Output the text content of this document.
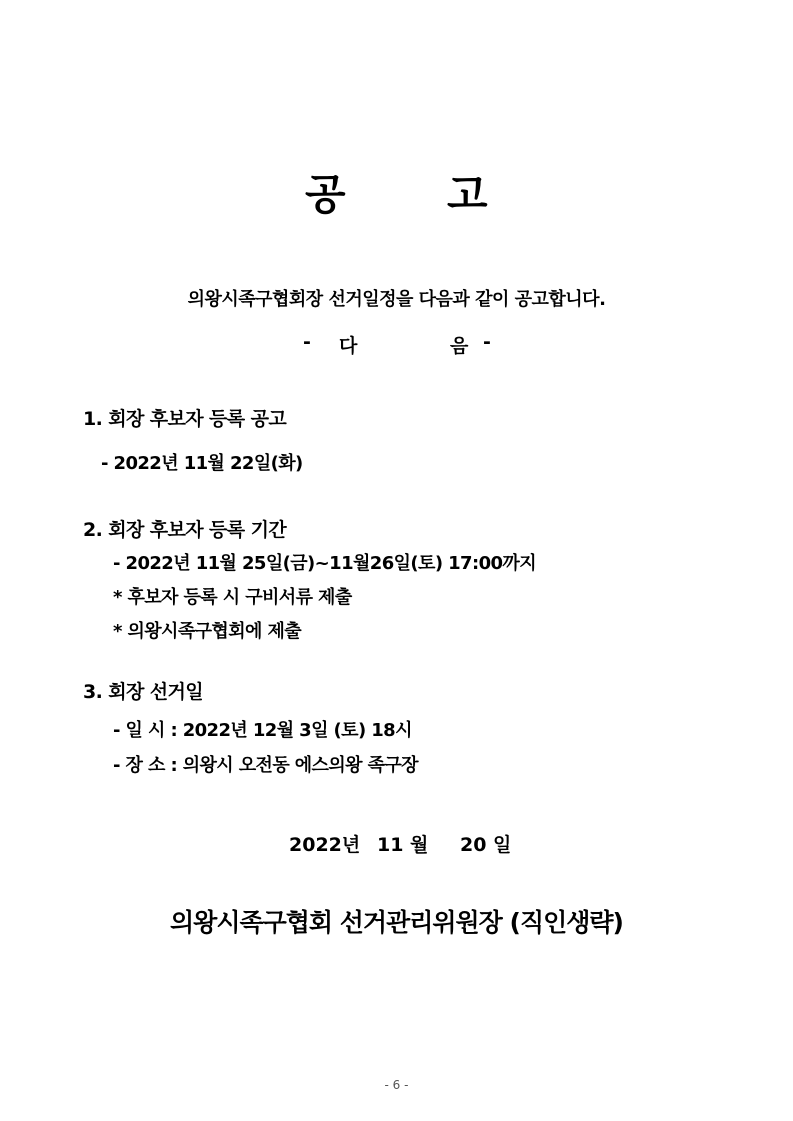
공 고
의왕시족구협회장 선거일정을 다음과 같이 공고합니다.
- 다	음 -
1. 회장 후보자 등록 공고
- 2022년 11월 22일(화)
2. 회장 후보자 등록 기간
- 2022년 11월 25일(금)~11월26일(토) 17:00까지
* 후보자 등록 시 구비서류 제출
* 의왕시족구협회에 제출
3. 회장 선거일
- 일 시 : 2022년 12월 3일 (토) 18시
- 장 소 : 의왕시 오전동 에스의왕 족구장
2022년 11 월 20 일
의왕시족구협회 선거관리위원장 (직인생략)
- 6 -
